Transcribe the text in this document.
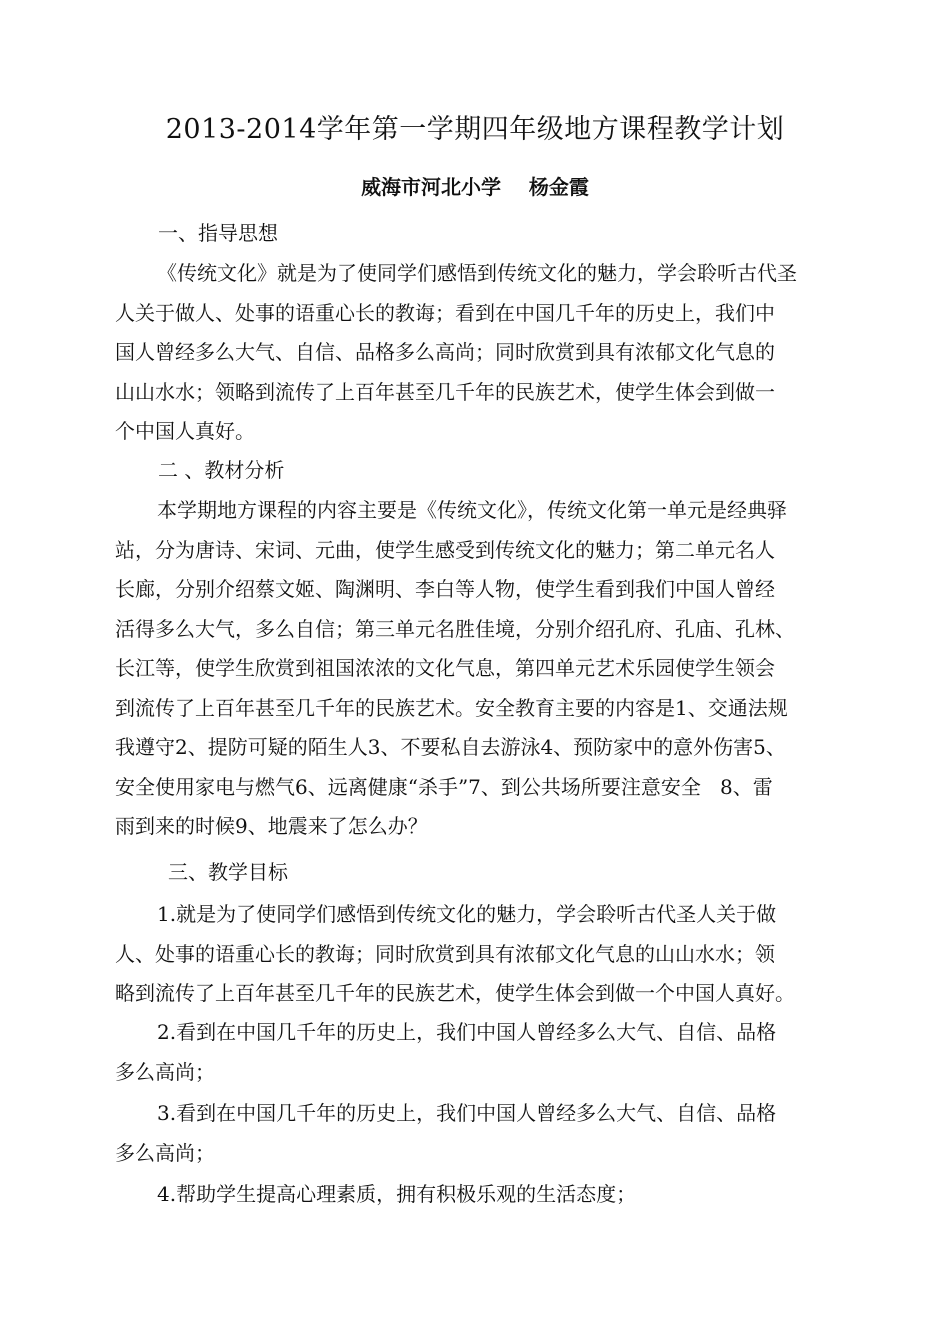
2013-2014学年第一学期四年级地方课程教学计划
威海市河北小学    杨金霞
一、指导思想
《传统文化》就是为了使同学们感悟到传统文化的魅力，学会聆听古代圣
人关于做人、处事的语重心长的教诲；看到在中国几千年的历史上，我们中
国人曾经多么大气、自信、品格多么高尚；同时欣赏到具有浓郁文化气息的
山山水水；领略到流传了上百年甚至几千年的民族艺术，使学生体会到做一
个中国人真好。
二 、教材分析
本学期地方课程的内容主要是《传统文化》，传统文化第一单元是经典驿
站，分为唐诗、宋词、元曲，使学生感受到传统文化的魅力；第二单元名人
长廊，分别介绍蔡文姬、陶渊明、李白等人物，使学生看到我们中国人曾经
活得多么大气，多么自信；第三单元名胜佳境，分别介绍孔府、孔庙、孔林、
长江等，使学生欣赏到祖国浓浓的文化气息，第四单元艺术乐园使学生领会
到流传了上百年甚至几千年的民族艺术。安全教育主要的内容是1、交通法规
我遵守2、提防可疑的陌生人3、不要私自去游泳4、预防家中的意外伤害5、
安全使用家电与燃气6、远离健康“杀手”7、到公共场所要注意安全   8、雷
雨到来的时候9、地震来了怎么办？
三、教学目标
1.就是为了使同学们感悟到传统文化的魅力，学会聆听古代圣人关于做
人、处事的语重心长的教诲；同时欣赏到具有浓郁文化气息的山山水水；领
略到流传了上百年甚至几千年的民族艺术，使学生体会到做一个中国人真好。
2.看到在中国几千年的历史上，我们中国人曾经多么大气、自信、品格
多么高尚；
3.看到在中国几千年的历史上，我们中国人曾经多么大气、自信、品格
多么高尚；
4.帮助学生提高心理素质，拥有积极乐观的生活态度；
